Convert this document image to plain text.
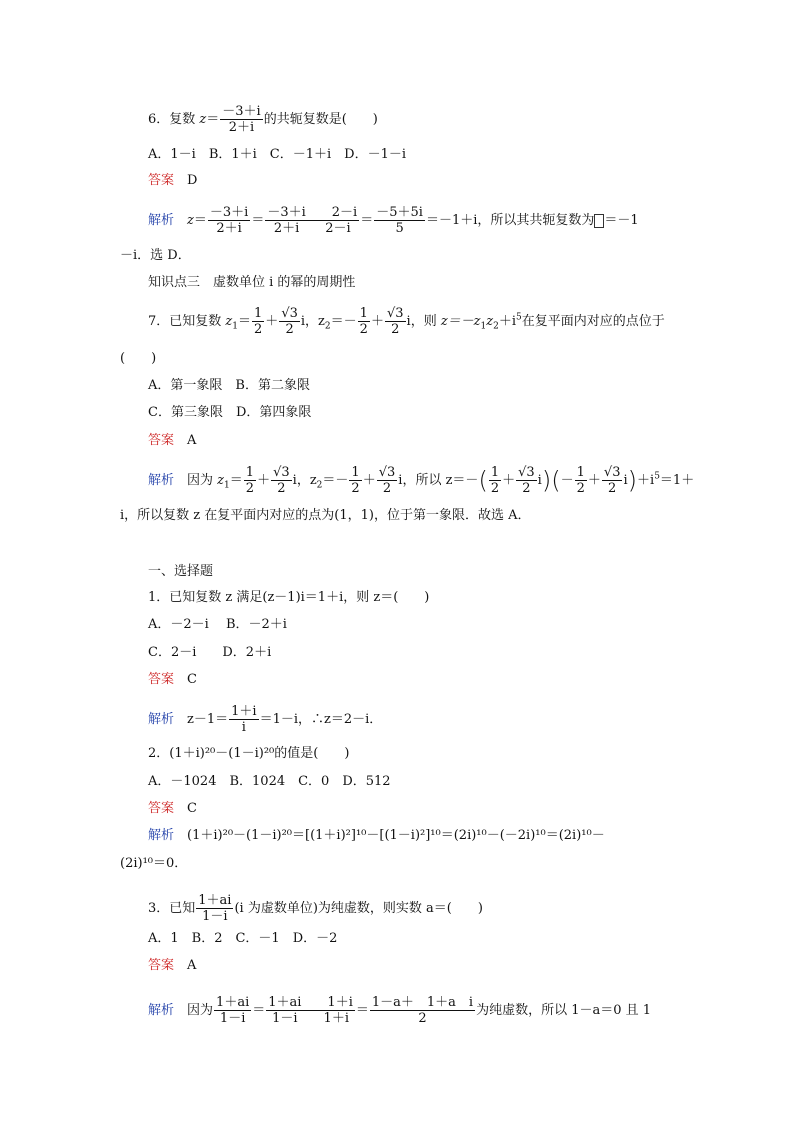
6．复数 $z= \frac{-3+i}{2+i}$ 的共轭复数是(　　)
A．1－i　B．1＋i　C．－1＋i　D．－1－i
答案　 D
解析　 $z= \frac{-3+i}{2+i} = \frac{-3+i 2-i}{2+i 2-i} = \frac{-5+5i}{5} =-1+i$，所以其共轭复数为 ＝－1
－i．选 D．
知识点三　虚数单位 i 的幂的周期性
7．已知复数 $z_1= \frac{1}{2} + \frac{√3}{2}$ i，$z_2=- \frac{1}{2} + \frac{√3}{2}$ i，则 $z=-z_1z_2+i^5$在复平面内对应的点位于
(　　)
A．第一象限　B．第二象限
C．第三象限　D．第四象限
答案　 A
解析　 因为 $z_1= \frac{1}{2} + \frac{√3}{2}$ i，$z_2=- \frac{1}{2} + \frac{√3}{2}$ i，所以 $z=-( \frac{1}{2} + \frac{√3}{2} i)(- \frac{1}{2} + \frac{√3}{2} i)+i^5=1+$
i，所以复数 z 在复平面内对应的点为(1，1)，位于第一象限．故选 A．
一、选择题
1．已知复数 z 满足(z－1)i＝1＋i，则 z＝(　　)
A．－2－i　 B．－2＋i
C．2－i　　D．2＋i
答案　 C
解析　 $z-1= \frac{1+i}{i} =1-i$，∴z＝2－i．
2．(1＋i)²⁰－(1－i)²⁰的值是(　　)
A．－1024　B．1024　C．0　D．512
答案　 C
解析　 (1＋i)²⁰－(1－i)²⁰＝[(1＋i)²]¹⁰－[(1－i)²]¹⁰＝(2i)¹⁰－(－2i)¹⁰＝(2i)¹⁰－
(2i)¹⁰＝0．
3．已知 $\frac{1+ai}{1-i} (i$ 为虚数单位)为纯虚数，则实数 a＝(　　)
A．1　B．2　C．－1　D．－2
答案　 A
解析　 因为 $\frac{1+ai}{1-i} = \frac{1+ai 1+i}{1-i 1+i} = \frac{\text{1－a＋　1＋a　i}}{2}$ 为纯虚数，所以 1－a＝0 且 1
